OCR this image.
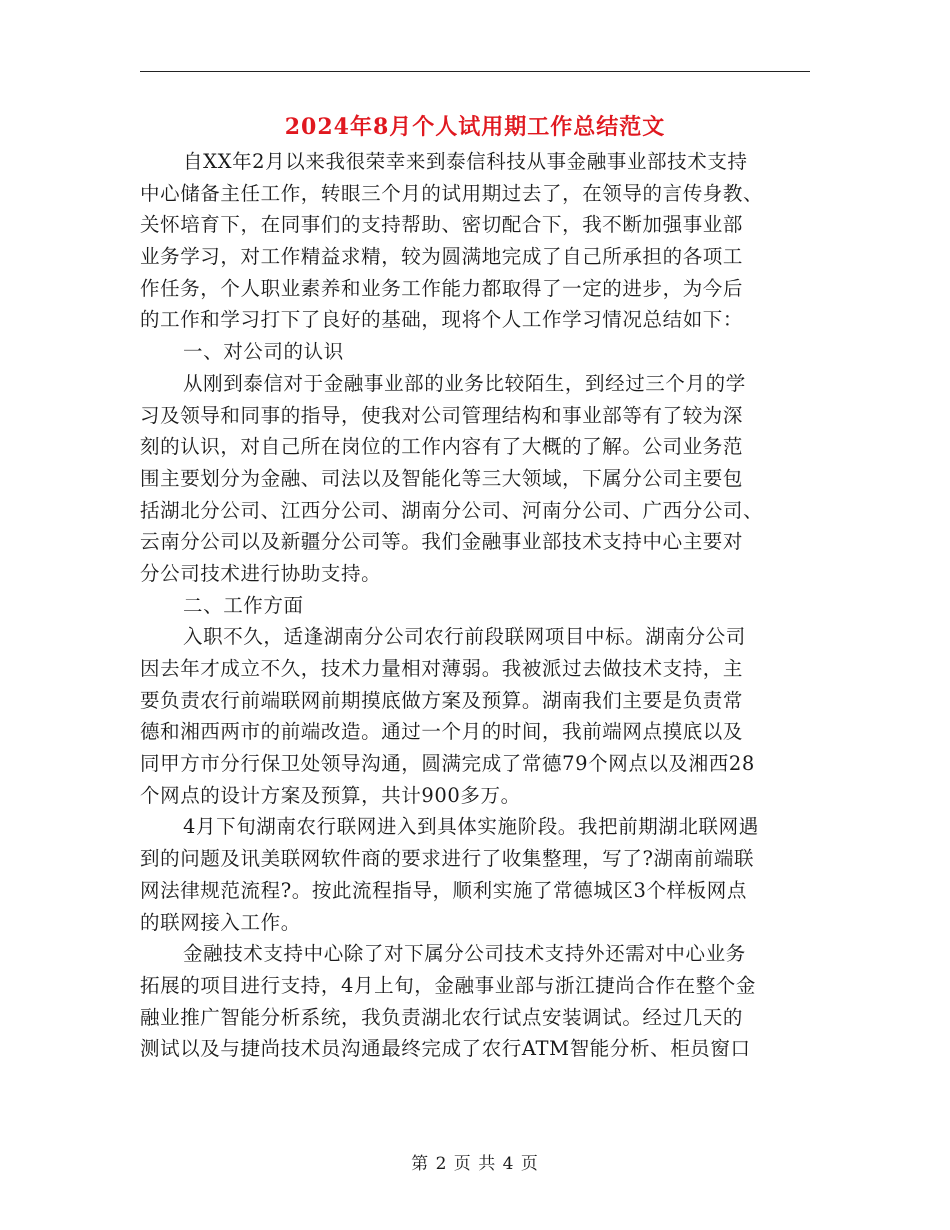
2024年8月个人试用期工作总结范文
自XX年2月以来我很荣幸来到泰信科技从事金融事业部技术支持
中心储备主任工作，转眼三个月的试用期过去了，在领导的言传身教、
关怀培育下，在同事们的支持帮助、密切配合下，我不断加强事业部
业务学习，对工作精益求精，较为圆满地完成了自己所承担的各项工
作任务，个人职业素养和业务工作能力都取得了一定的进步，为今后
的工作和学习打下了良好的基础，现将个人工作学习情况总结如下：
一、对公司的认识
从刚到泰信对于金融事业部的业务比较陌生，到经过三个月的学
习及领导和同事的指导，使我对公司管理结构和事业部等有了较为深
刻的认识，对自己所在岗位的工作内容有了大概的了解。公司业务范
围主要划分为金融、司法以及智能化等三大领域，下属分公司主要包
括湖北分公司、江西分公司、湖南分公司、河南分公司、广西分公司、
云南分公司以及新疆分公司等。我们金融事业部技术支持中心主要对
分公司技术进行协助支持。
二、工作方面
入职不久，适逢湖南分公司农行前段联网项目中标。湖南分公司
因去年才成立不久，技术力量相对薄弱。我被派过去做技术支持，主
要负责农行前端联网前期摸底做方案及预算。湖南我们主要是负责常
德和湘西两市的前端改造。通过一个月的时间，我前端网点摸底以及
同甲方市分行保卫处领导沟通，圆满完成了常德79个网点以及湘西28
个网点的设计方案及预算，共计900多万。
4月下旬湖南农行联网进入到具体实施阶段。我把前期湖北联网遇
到的问题及讯美联网软件商的要求进行了收集整理，写了?湖南前端联
网法律规范流程?。按此流程指导，顺利实施了常德城区3个样板网点
的联网接入工作。
金融技术支持中心除了对下属分公司技术支持外还需对中心业务
拓展的项目进行支持，4月上旬，金融事业部与浙江捷尚合作在整个金
融业推广智能分析系统，我负责湖北农行试点安装调试。经过几天的
测试以及与捷尚技术员沟通最终完成了农行ATM智能分析、柜员窗口
第 2 页 共 4 页
